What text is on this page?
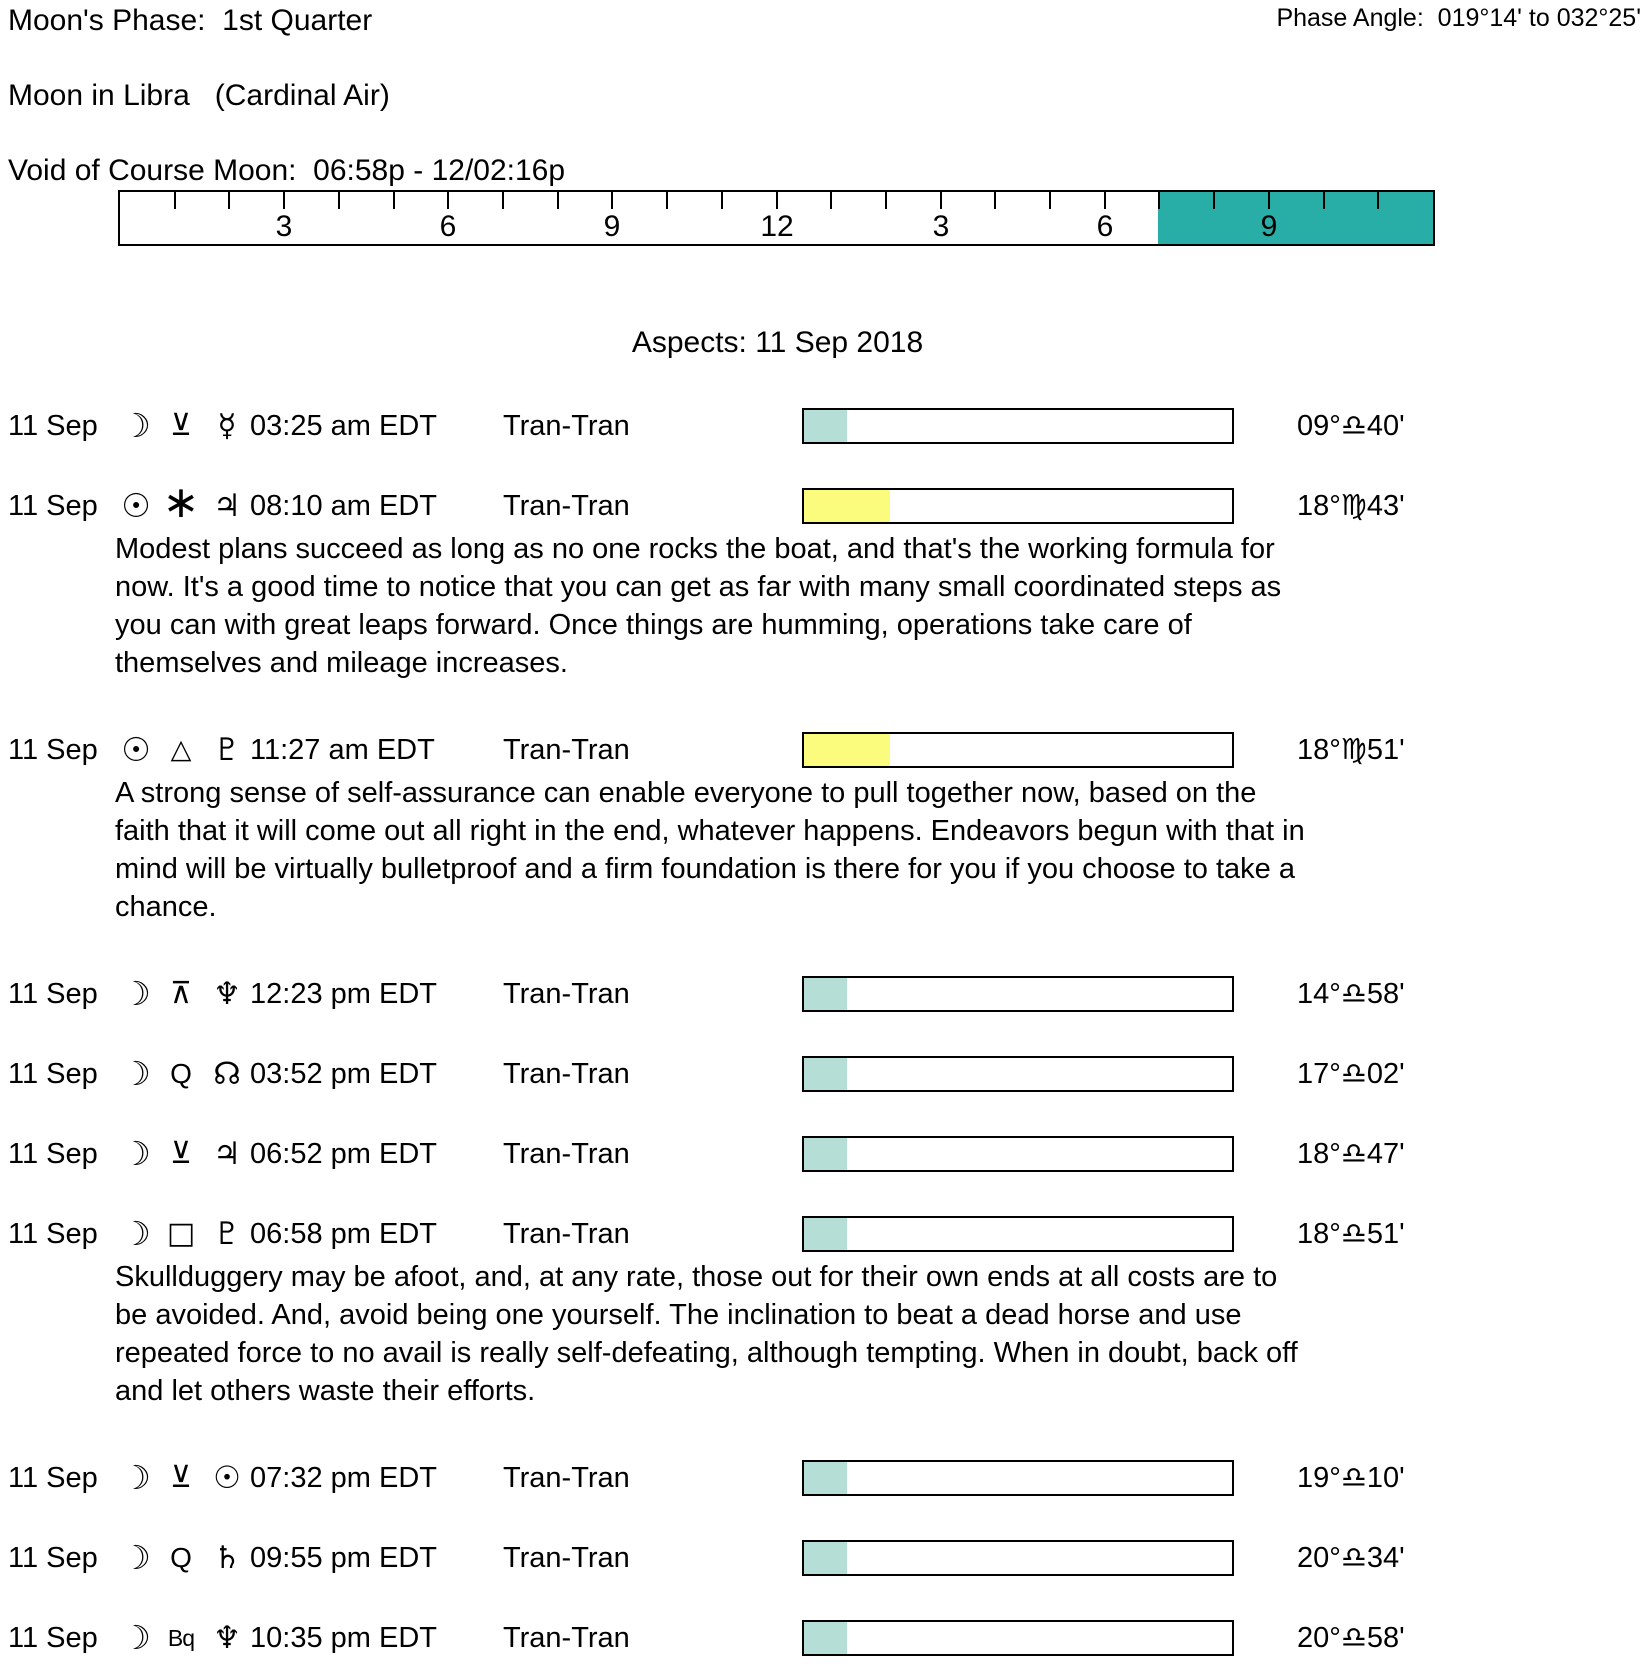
Moon's Phase:  1st Quarter	Phase Angle:  019°14' to 032°25'
Moon in Libra   (Cardinal Air)
Void of Course Moon:  06:58p - 12/02:16p
3	6	9	12	3	6	9
Aspects: 11 Sep 2018
11 Sep ☽ ⊻ ☿ 03:25 am EDT Tran-Tran	09°♎40'
11 Sep ☉ ∗ ♃ 08:10 am EDT Tran-Tran	18°♍43'
Modest plans succeed as long as no one rocks the boat, and that's the working formula for
now. It's a good time to notice that you can get as far with many small coordinated steps as
you can with great leaps forward. Once things are humming, operations take care of
themselves and mileage increases.
11 Sep ☉ △ ♇ 11:27 am EDT Tran-Tran	18°♍51'
A strong sense of self-assurance can enable everyone to pull together now, based on the
faith that it will come out all right in the end, whatever happens. Endeavors begun with that in
mind will be virtually bulletproof and a firm foundation is there for you if you choose to take a
chance.
11 Sep ☽ ⊼ ♆ 12:23 pm EDT Tran-Tran	14°♎58'
11 Sep ☽ Q ☊ 03:52 pm EDT Tran-Tran	17°♎02'
11 Sep ☽ ⊻ ♃ 06:52 pm EDT Tran-Tran	18°♎47'
11 Sep ☽ □ ♇ 06:58 pm EDT Tran-Tran	18°♎51'
Skullduggery may be afoot, and, at any rate, those out for their own ends at all costs are to
be avoided. And, avoid being one yourself. The inclination to beat a dead horse and use
repeated force to no avail is really self-defeating, although tempting. When in doubt, back off
and let others waste their efforts.
11 Sep ☽ ⊻ ☉ 07:32 pm EDT Tran-Tran	19°♎10'
11 Sep ☽ Q ♄ 09:55 pm EDT Tran-Tran	20°♎34'
11 Sep ☽ Bq ♆ 10:35 pm EDT Tran-Tran	20°♎58'
